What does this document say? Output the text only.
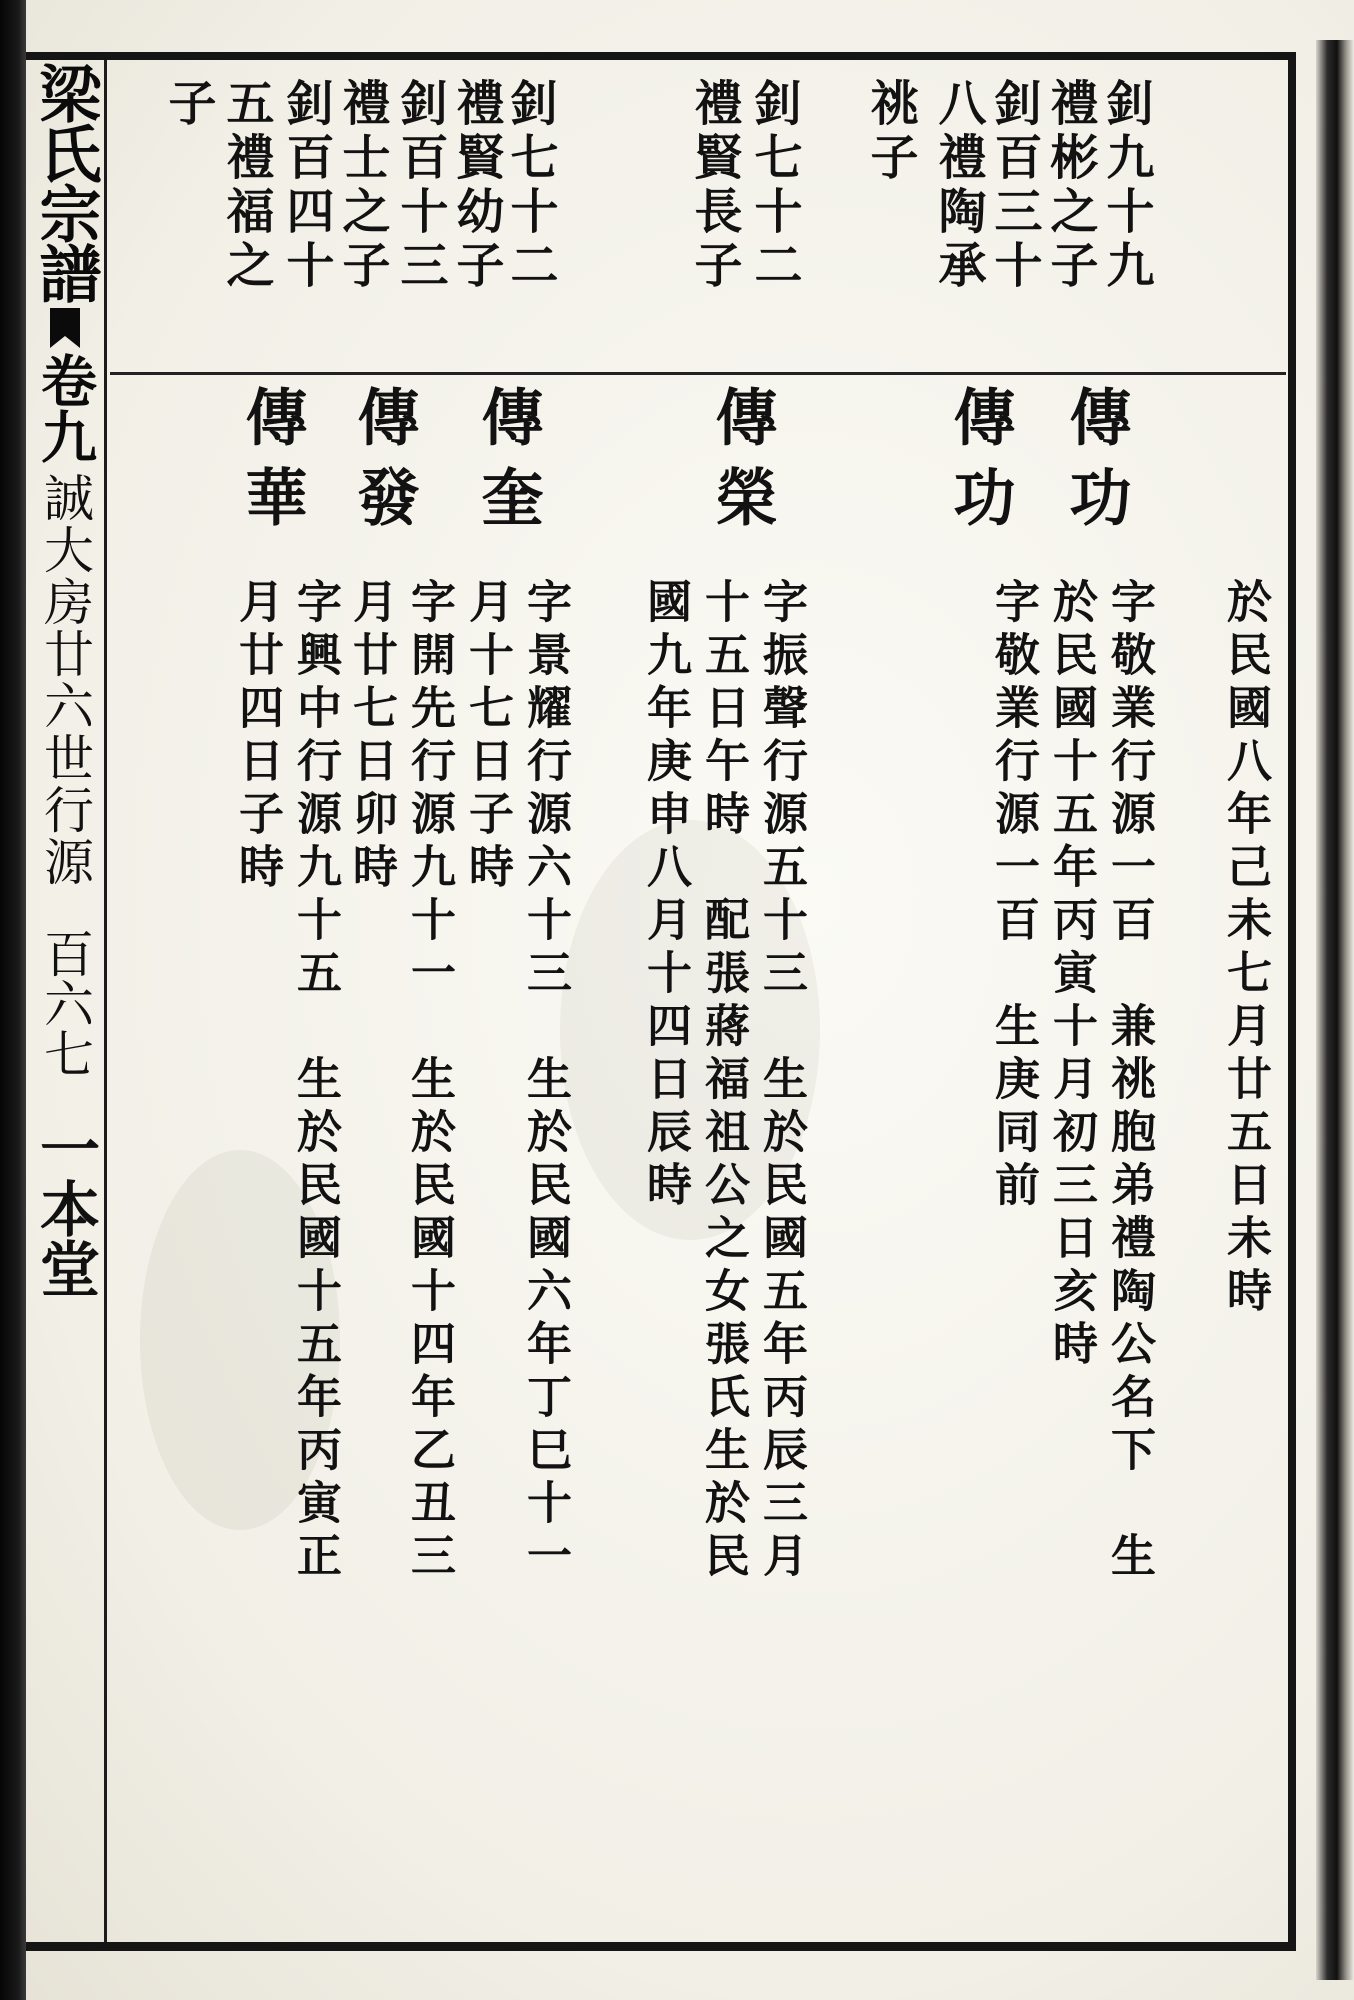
梁氏宗譜
卷九
誠大房廿六世行源
百六七
一本堂
釗九十九
禮彬之子
釗百三十
八禮陶承
祧子
釗七十二
禮賢長子
釗七十二
禮賢幼子
釗百十三
禮士之子
釗百四十
五禮福之
子
於民國八年己未七月廿五日未時
傳功
字敬業行源一百　兼祧胞弟禮陶公名下　生
於民國十五年丙寅十月初三日亥時
傳功
字敬業行源一百　生庚同前
傳榮
字振聲行源五十三　生於民國五年丙辰三月
十五日午時　配張蔣福祖公之女張氏生於民
國九年庚申八月十四日辰時
傳奎
字景耀行源六十三　生於民國六年丁巳十一
月十七日子時
傳發
字開先行源九十一　生於民國十四年乙丑三
月廿七日卯時
傳華
字興中行源九十五　生於民國十五年丙寅正
月廿四日子時
